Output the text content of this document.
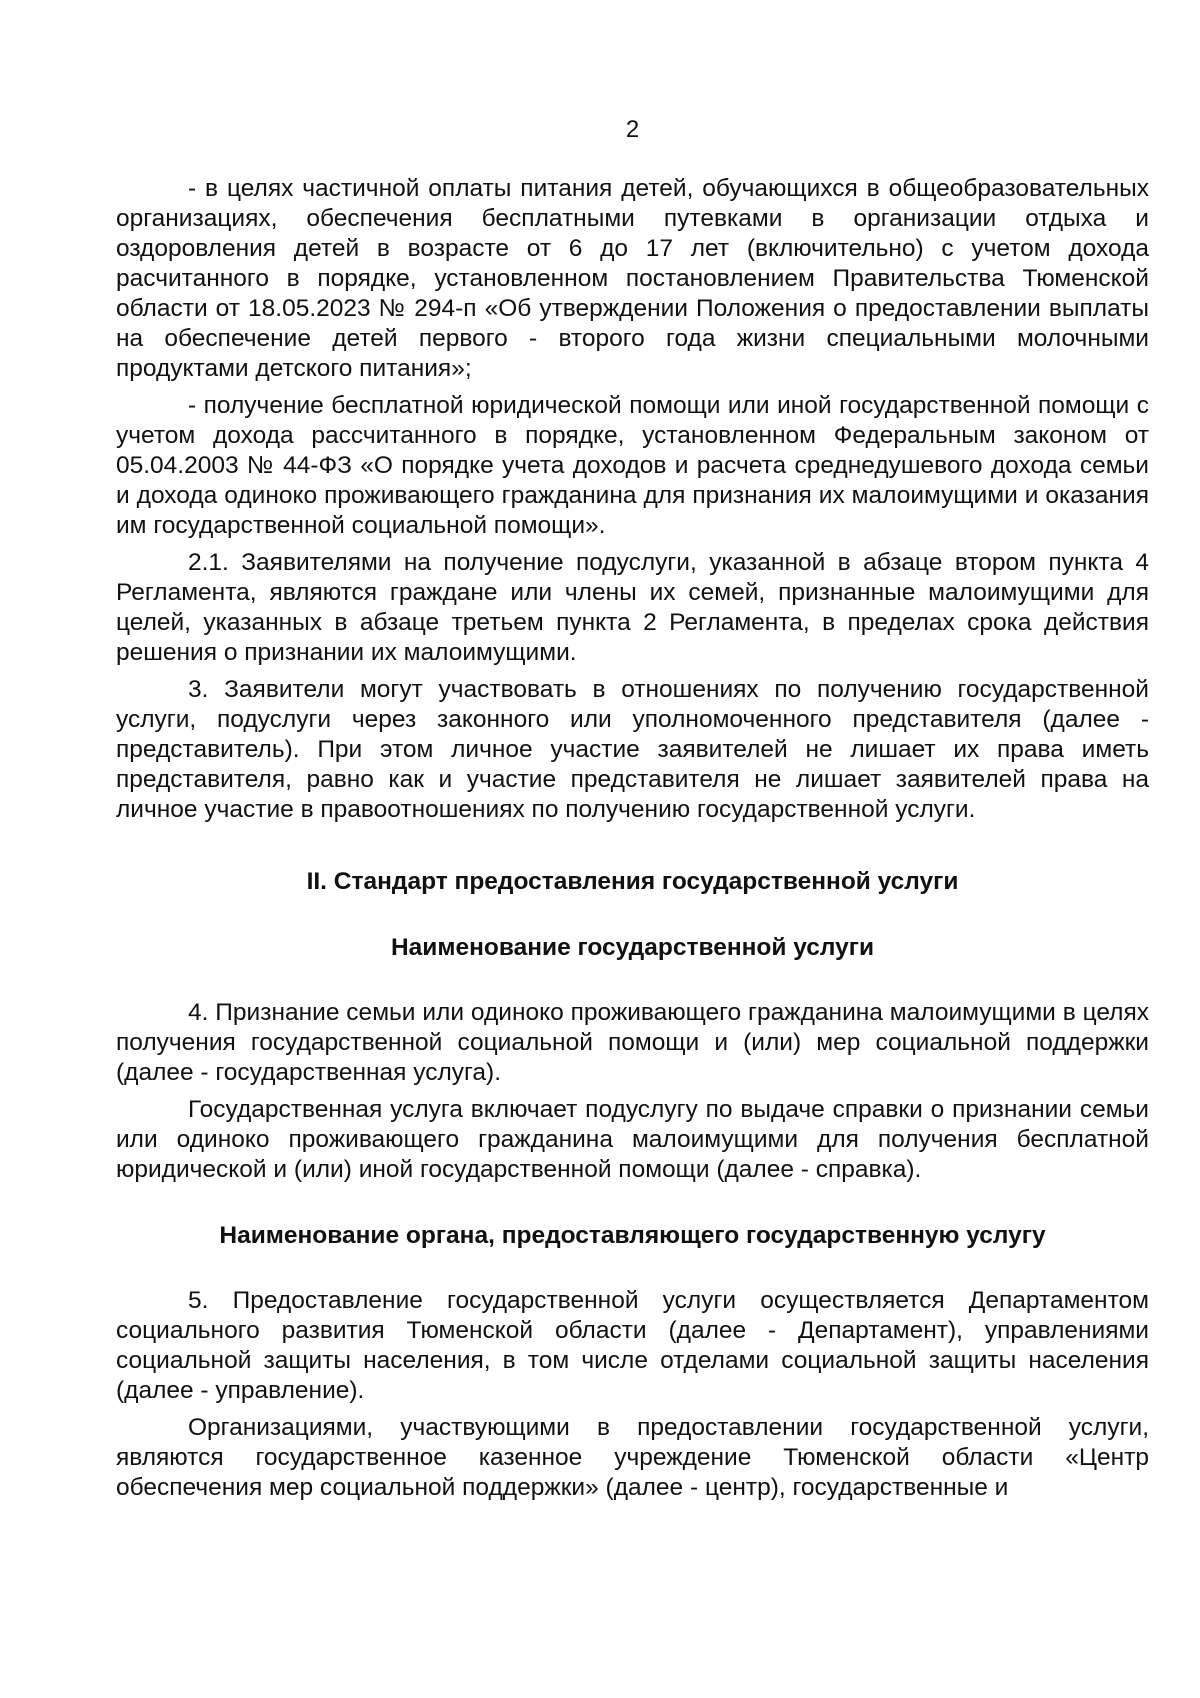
2

- в целях частичной оплаты питания детей, обучающихся в общеобразовательных организациях, обеспечения бесплатными путевками в организации отдыха и оздоровления детей в возрасте от 6 до 17 лет (включительно) с учетом дохода расчитанного в порядке, установленном постановлением Правительства Тюменской области от 18.05.2023 № 294-п «Об утверждении Положения о предоставлении выплаты на обеспечение детей первого - второго года жизни специальными молочными продуктами детского питания»;

- получение бесплатной юридической помощи или иной государственной помощи с учетом дохода рассчитанного в порядке, установленном Федеральным законом от 05.04.2003 № 44-ФЗ «О порядке учета доходов и расчета среднедушевого дохода семьи и дохода одиноко проживающего гражданина для признания их малоимущими и оказания им государственной социальной помощи».

2.1. Заявителями на получение подуслуги, указанной в абзаце втором пункта 4 Регламента, являются граждане или члены их семей, признанные малоимущими для целей, указанных в абзаце третьем пункта 2 Регламента, в пределах срока действия решения о признании их малоимущими.

3. Заявители могут участвовать в отношениях по получению государственной услуги, подуслуги через законного или уполномоченного представителя (далее - представитель). При этом личное участие заявителей не лишает их права иметь представителя, равно как и участие представителя не лишает заявителей права на личное участие в правоотношениях по получению государственной услуги.

II. Стандарт предоставления государственной услуги
Наименование государственной услуги

4. Признание семьи или одиноко проживающего гражданина малоимущими в целях получения государственной социальной помощи и (или) мер социальной поддержки (далее - государственная услуга).

Государственная услуга включает подуслугу по выдаче справки о признании семьи или одиноко проживающего гражданина малоимущими для получения бесплатной юридической и (или) иной государственной помощи (далее - справка).

Наименование органа, предоставляющего государственную услугу

5. Предоставление государственной услуги осуществляется Департаментом социального развития Тюменской области (далее - Департамент), управлениями социальной защиты населения, в том числе отделами социальной защиты населения (далее - управление).

Организациями, участвующими в предоставлении государственной услуги, являются государственное казенное учреждение Тюменской области «Центр обеспечения мер социальной поддержки» (далее - центр), государственные и
